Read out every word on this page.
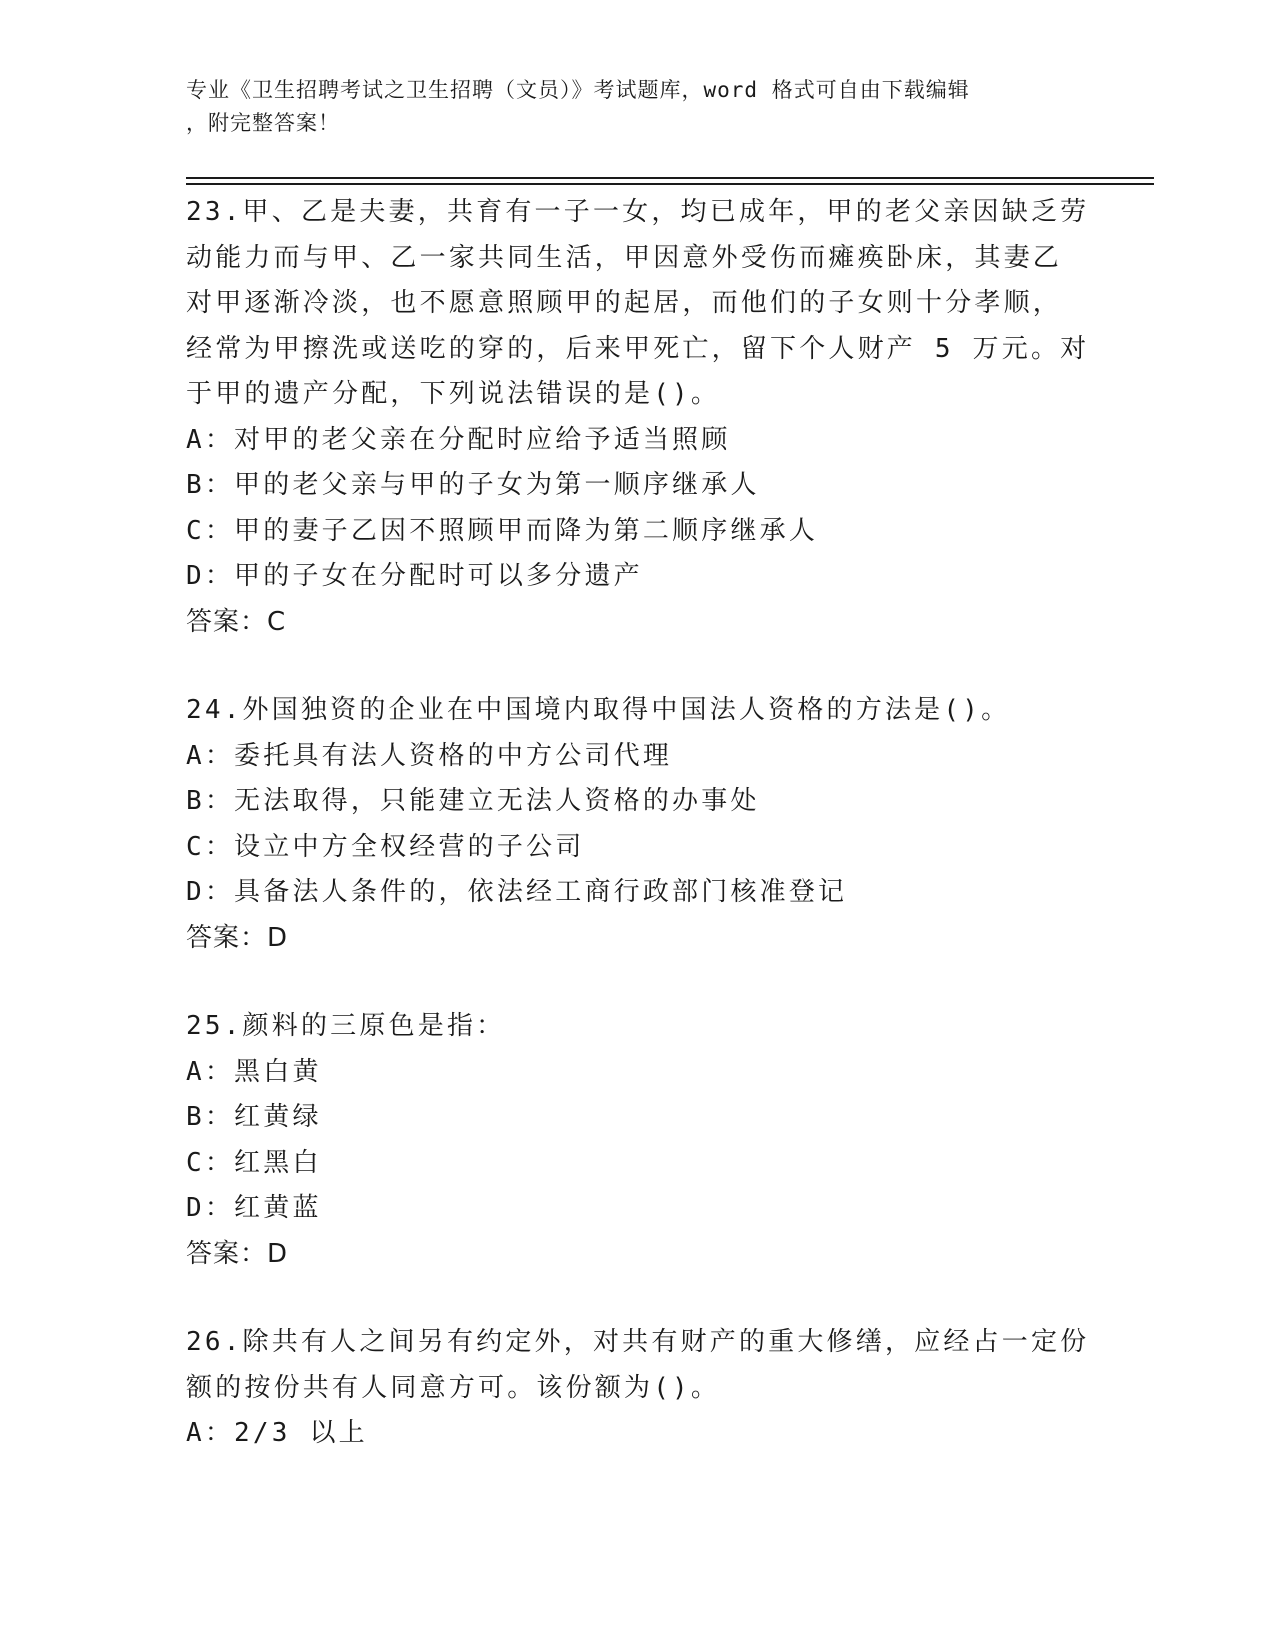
专业《卫生招聘考试之卫生招聘（文员）》考试题库，word 格式可自由下载编辑
，附完整答案！
23.甲、乙是夫妻，共育有一子一女，均已成年，甲的老父亲因缺乏劳
动能力而与甲、乙一家共同生活，甲因意外受伤而瘫痪卧床，其妻乙
对甲逐渐冷淡，也不愿意照顾甲的起居，而他们的子女则十分孝顺，
经常为甲擦洗或送吃的穿的，后来甲死亡，留下个人财产 5 万元。对
于甲的遗产分配，下列说法错误的是()。
A：对甲的老父亲在分配时应给予适当照顾
B：甲的老父亲与甲的子女为第一顺序继承人
C：甲的妻子乙因不照顾甲而降为第二顺序继承人
D：甲的子女在分配时可以多分遗产
答案：C
24.外国独资的企业在中国境内取得中国法人资格的方法是()。
A：委托具有法人资格的中方公司代理
B：无法取得，只能建立无法人资格的办事处
C：设立中方全权经营的子公司
D：具备法人条件的，依法经工商行政部门核准登记
答案：D
25.颜料的三原色是指：
A：黑白黄
B：红黄绿
C：红黑白
D：红黄蓝
答案：D
26.除共有人之间另有约定外，对共有财产的重大修缮，应经占一定份
额的按份共有人同意方可。该份额为()。
A：2/3 以上
